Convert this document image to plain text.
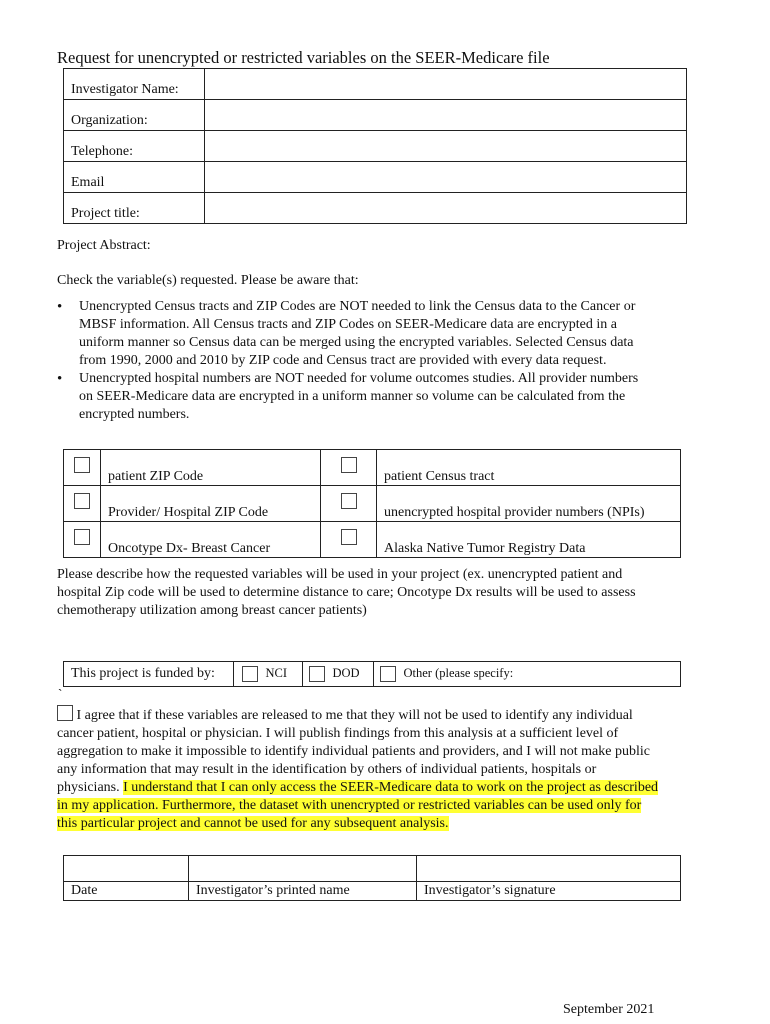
Request for unencrypted or restricted variables on the SEER-Medicare file
Investigator Name:	
Organization:	
Telephone:	
Email	
Project title:	
Project Abstract:
Check the variable(s) requested. Please be aware that:
• Unencrypted Census tracts and ZIP Codes are NOT needed to link the Census data to the Cancer or MBSF information. All Census tracts and ZIP Codes on SEER-Medicare data are encrypted in a uniform manner so Census data can be merged using the encrypted variables. Selected Census data from 1990, 2000 and 2010 by ZIP code and Census tract are provided with every data request.
• Unencrypted hospital numbers are NOT needed for volume outcomes studies. All provider numbers on SEER-Medicare data are encrypted in a uniform manner so volume can be calculated from the encrypted numbers.
	patient ZIP Code		patient Census tract
	Provider/ Hospital ZIP Code		unencrypted hospital provider numbers (NPIs)
	Oncotype Dx- Breast Cancer		Alaska Native Tumor Registry Data
Please describe how the requested variables will be used in your project (ex. unencrypted patient and hospital Zip code will be used to determine distance to care; Oncotype Dx results will be used to assess chemotherapy utilization among breast cancer patients)
This project is funded by:	NCI	DOD	Other (please specify:
`
I agree that if these variables are released to me that they will not be used to identify any individual cancer patient, hospital or physician. I will publish findings from this analysis at a sufficient level of aggregation to make it impossible to identify individual patients and providers, and I will not make public any information that may result in the identification by others of individual patients, hospitals or physicians. I understand that I can only access the SEER-Medicare data to work on the project as described in my application. Furthermore, the dataset with unencrypted or restricted variables can be used only for this particular project and cannot be used for any subsequent analysis.

Date	Investigator’s printed name	Investigator’s signature
September 2021
